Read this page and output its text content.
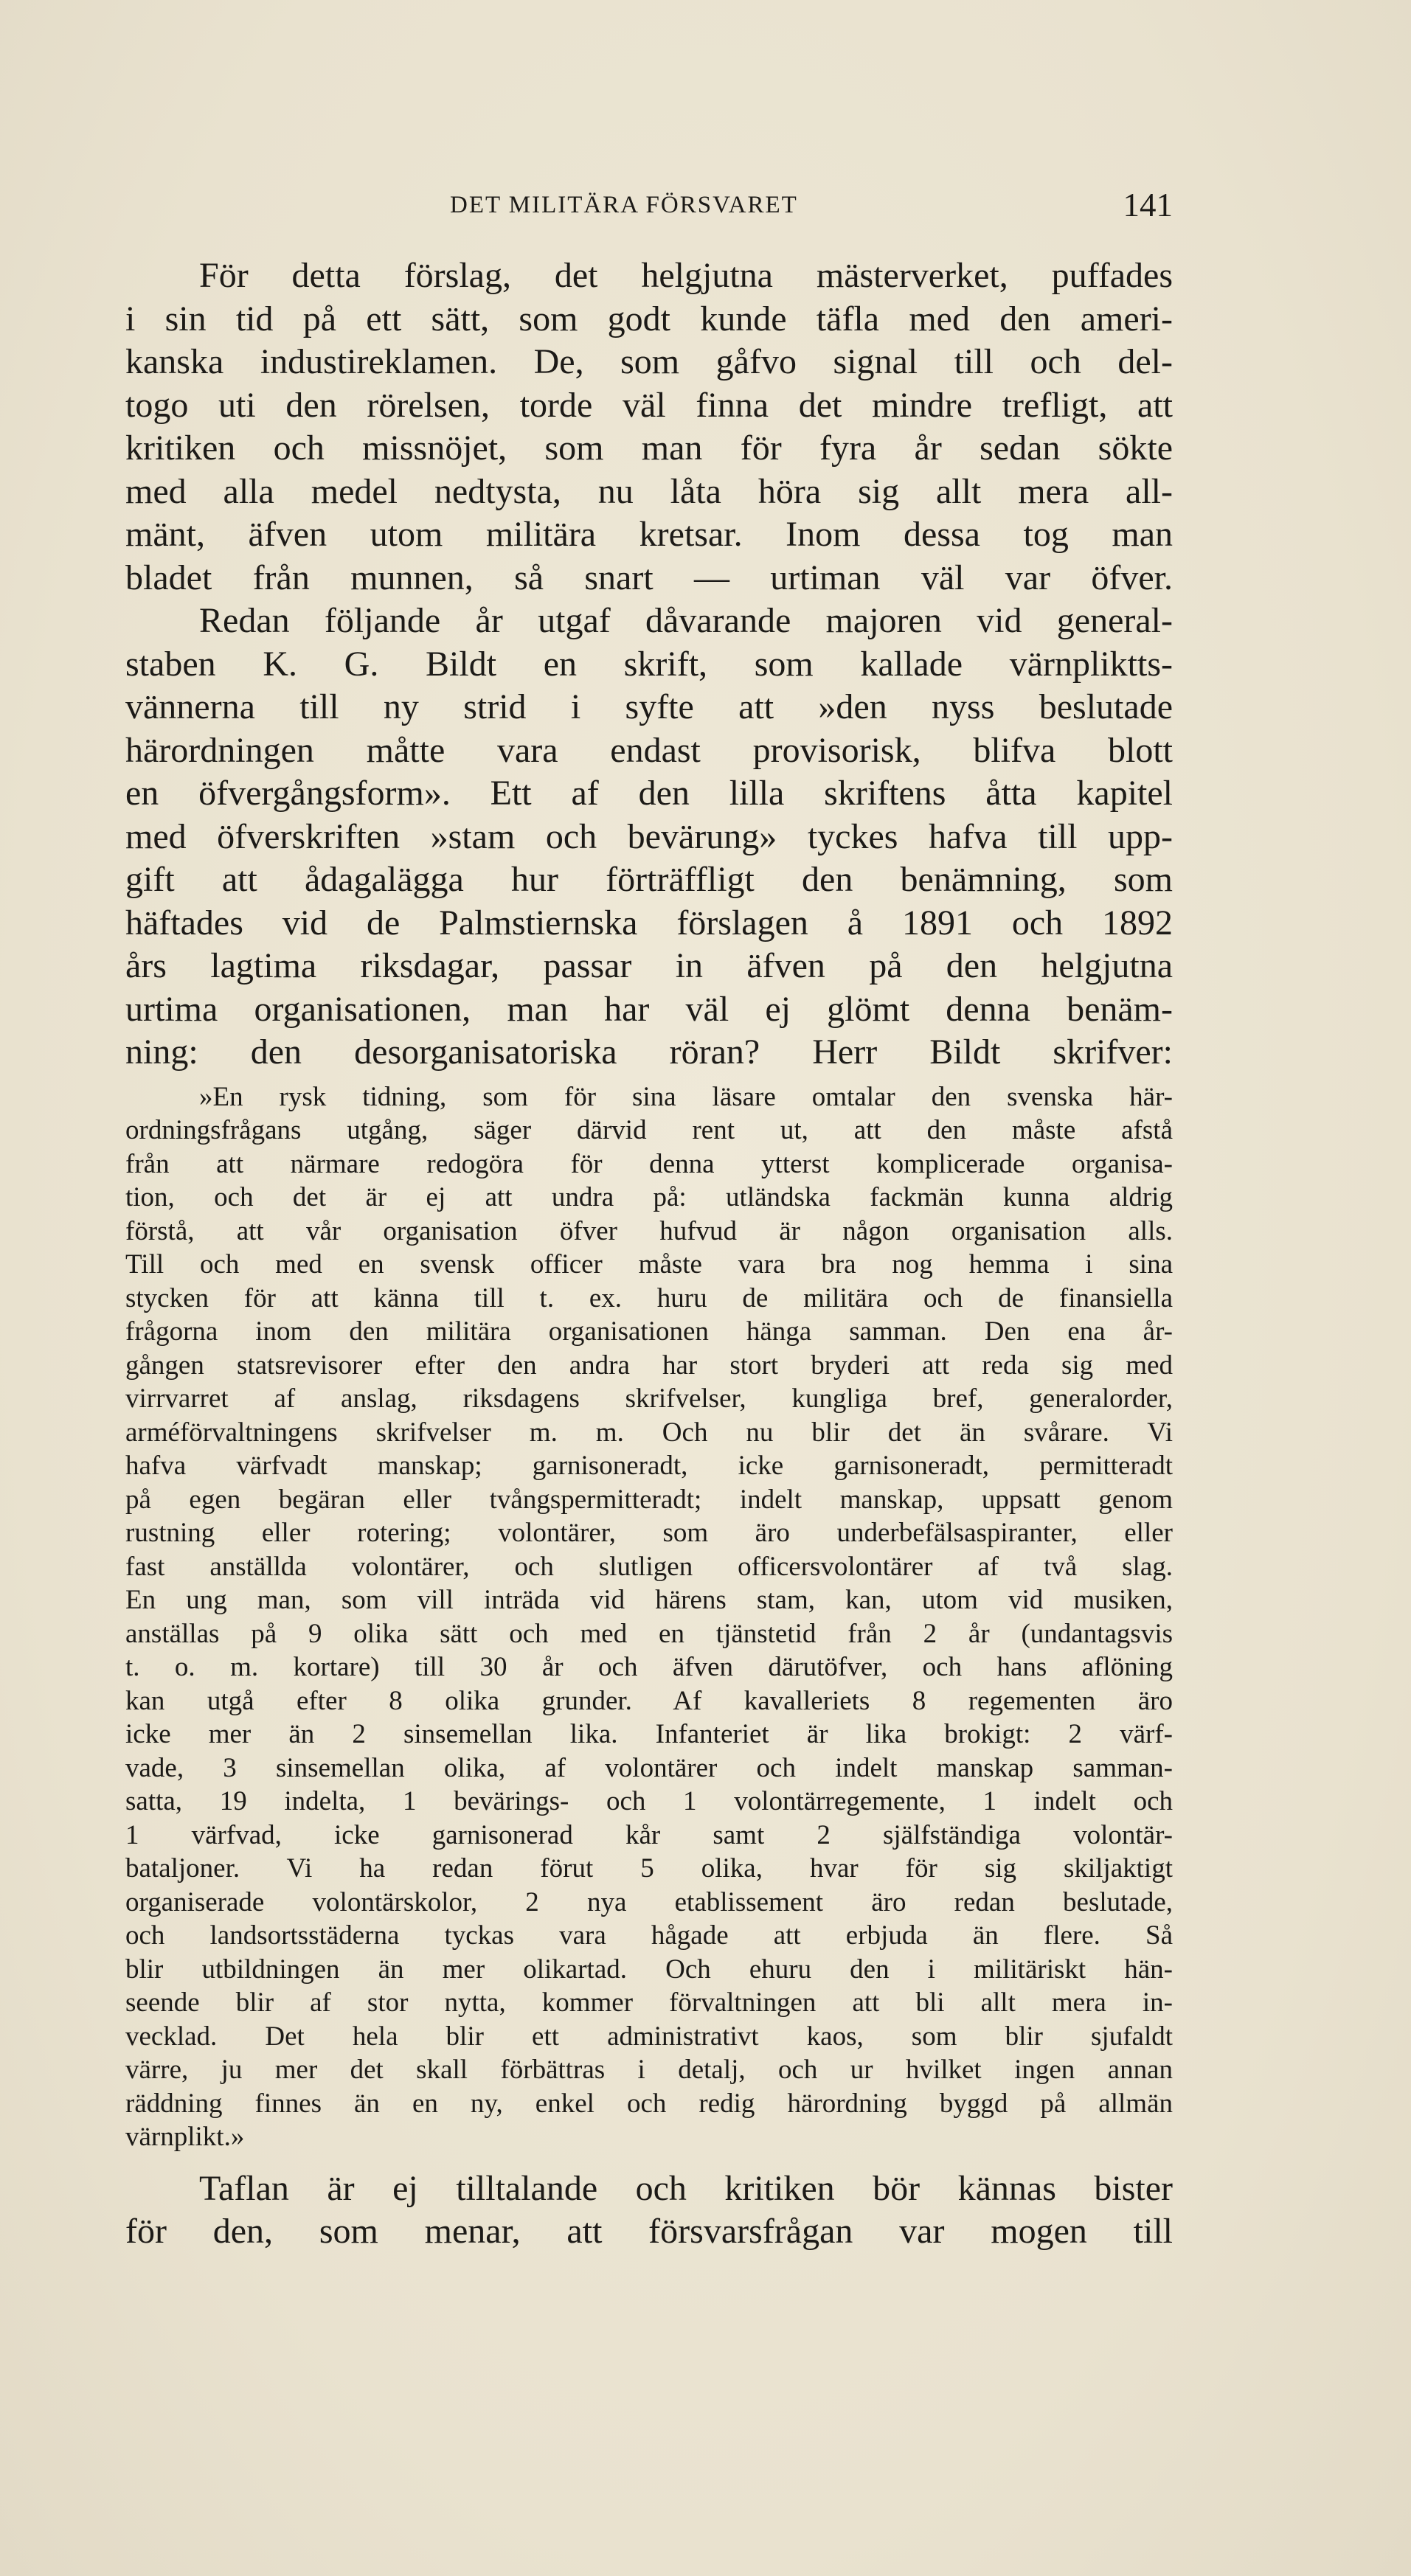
DET MILITÄRA FÖRSVARET	141
För detta förslag, det helgjutna mästerverket, puffades
i sin tid på ett sätt, som godt kunde täfla med den ameri-
kanska industireklamen. De, som gåfvo signal till och del-
togo uti den rörelsen, torde väl finna det mindre trefligt, att
kritiken och missnöjet, som man för fyra år sedan sökte
med alla medel nedtysta, nu låta höra sig allt mera all-
mänt, äfven utom militära kretsar. Inom dessa tog man
bladet från munnen, så snart — urtiman väl var öfver.
Redan följande år utgaf dåvarande majoren vid general-
staben K. G. Bildt en skrift, som kallade värnpliktts-
vännerna till ny strid i syfte att »den nyss beslutade
härordningen måtte vara endast provisorisk, blifva blott
en öfvergångsform». Ett af den lilla skriftens åtta kapitel
med öfverskriften »stam och bevärung» tyckes hafva till upp-
gift att ådagalägga hur förträffligt den benämning, som
häftades vid de Palmstiernska förslagen å 1891 och 1892
års lagtima riksdagar, passar in äfven på den helgjutna
urtima organisationen, man har väl ej glömt denna benäm-
ning: den desorganisatoriska röran? Herr Bildt skrifver:
»En rysk tidning, som för sina läsare omtalar den svenska här-
ordningsfrågans utgång, säger därvid rent ut, att den måste afstå
från att närmare redogöra för denna ytterst komplicerade organisa-
tion, och det är ej att undra på: utländska fackmän kunna aldrig
förstå, att vår organisation öfver hufvud är någon organisation alls.
Till och med en svensk officer måste vara bra nog hemma i sina
stycken för att känna till t. ex. huru de militära och de finansiella
frågorna inom den militära organisationen hänga samman. Den ena år-
gången statsrevisorer efter den andra har stort bryderi att reda sig med
virrvarret af anslag, riksdagens skrifvelser, kungliga bref, generalorder,
arméförvaltningens skrifvelser m. m. Och nu blir det än svårare. Vi
hafva värfvadt manskap; garnisoneradt, icke garnisoneradt, permitteradt
på egen begäran eller tvångspermitteradt; indelt manskap, uppsatt genom
rustning eller rotering; volontärer, som äro underbefälsaspiranter, eller
fast anställda volontärer, och slutligen officersvolontärer af två slag.
En ung man, som vill inträda vid härens stam, kan, utom vid musiken,
anställas på 9 olika sätt och med en tjänstetid från 2 år (undantagsvis
t. o. m. kortare) till 30 år och äfven därutöfver, och hans aflöning
kan utgå efter 8 olika grunder. Af kavalleriets 8 regementen äro
icke mer än 2 sinsemellan lika. Infanteriet är lika brokigt: 2 värf-
vade, 3 sinsemellan olika, af volontärer och indelt manskap samman-
satta, 19 indelta, 1 bevärings- och 1 volontärregemente, 1 indelt och
1 värfvad, icke garnisonerad kår samt 2 själfständiga volontär-
bataljoner. Vi ha redan förut 5 olika, hvar för sig skiljaktigt
organiserade volontärskolor, 2 nya etablissement äro redan beslutade,
och landsortsstäderna tyckas vara hågade att erbjuda än flere. Så
blir utbildningen än mer olikartad. Och ehuru den i militäriskt hän-
seende blir af stor nytta, kommer förvaltningen att bli allt mera in-
vecklad. Det hela blir ett administrativt kaos, som blir sjufaldt
värre, ju mer det skall förbättras i detalj, och ur hvilket ingen annan
räddning finnes än en ny, enkel och redig härordning byggd på allmän
värnplikt.»
Taflan är ej tilltalande och kritiken bör kännas bister
för den, som menar, att försvarsfrågan var mogen till
